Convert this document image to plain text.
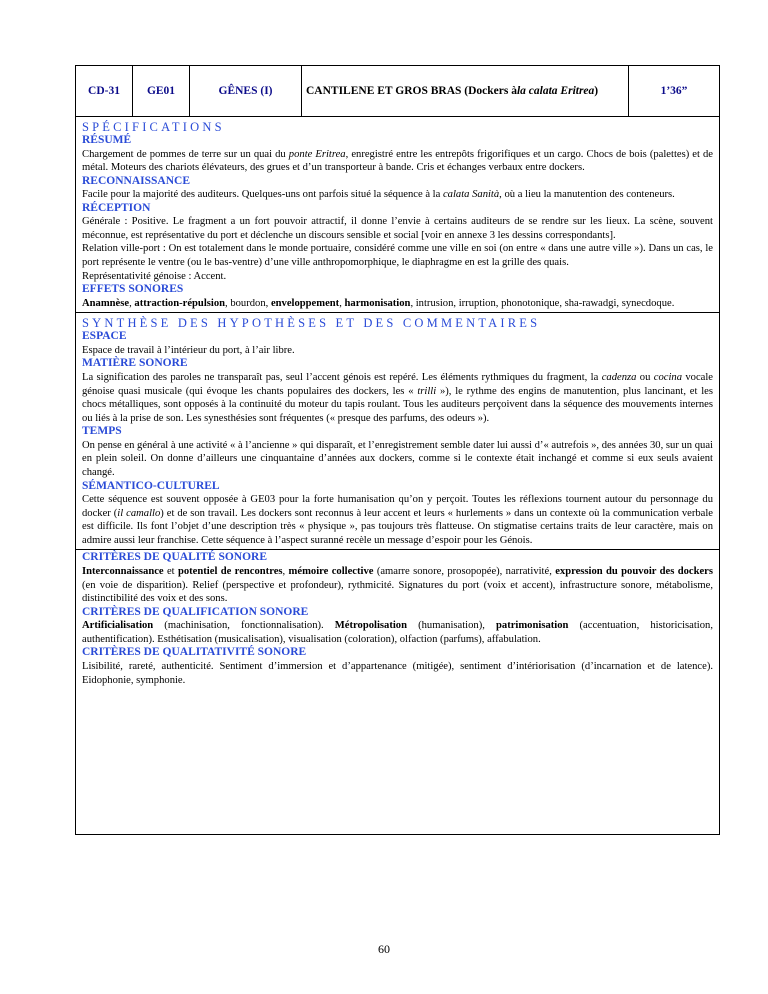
CD-31	GE01	GÊNES (I)	CANTILENE ET GROS BRAS (Dockers à la calata Eritrea )	1’36”
SPÉCIFICATIONS
RÉSUMÉ

Chargement de pommes de terre sur un quai du ponte Eritrea, enregistré entre les entrepôts frigorifiques et un cargo. Chocs de bois (palettes) et de métal. Moteurs des chariots élévateurs, des grues et d’un transporteur à bande. Cris et échanges verbaux entre dockers.

RECONNAISSANCE

Facile pour la majorité des auditeurs. Quelques-uns ont parfois situé la séquence à la calata Sanità, où a lieu la manutention des conteneurs.

RÉCEPTION

Générale : Positive. Le fragment a un fort pouvoir attractif, il donne l’envie à certains auditeurs de se rendre sur les lieux. La scène, souvent méconnue, est représentative du port et déclenche un discours sensible et social [voir en annexe 3 les dessins correspondants].

Relation ville-port : On est totalement dans le monde portuaire, considéré comme une ville en soi (on entre « dans une autre ville »). Dans un cas, le port représente le ventre (ou le bas-ventre) d’une ville anthropomorphique, le diaphragme en est la grille des quais.

Représentativité génoise : Accent.

EFFETS SONORES

Anamnèse, attraction-répulsion, bourdon, enveloppement, harmonisation, intrusion, irruption, phonotonique, sha-rawadgi, synecdoque.

SYNTHÈSE DES HYPOTHÈSES ET DES COMMENTAIRES
ESPACE

Espace de travail à l’intérieur du port, à l’air libre.

MATIÈRE SONORE

La signification des paroles ne transparaît pas, seul l’accent génois est repéré. Les éléments rythmiques du fragment, la cadenza ou cocina vocale génoise quasi musicale (qui évoque les chants populaires des dockers, les « trilli »), le rythme des engins de manutention, plus lancinant, et les chocs métalliques, sont opposés à la continuité du moteur du tapis roulant. Tous les auditeurs perçoivent dans la séquence des mouvements internes ou liés à la prise de son. Les synesthésies sont fréquentes (« presque des parfums, des odeurs »).

TEMPS

On pense en général à une activité « à l’ancienne » qui disparaît, et l’enregistrement semble dater lui aussi d’« autrefois », des années 30, sur un quai en plein soleil. On donne d’ailleurs une cinquantaine d’années aux dockers, comme si le contexte était inchangé et comme si eux seuls avaient changé.

SÉMANTICO-CULTUREL

Cette séquence est souvent opposée à GE03 pour la forte humanisation qu’on y perçoit. Toutes les réflexions tournent autour du personnage du docker (il camallo) et de son travail. Les dockers sont reconnus à leur accent et leurs « hurlements » dans un contexte où la communication verbale est difficile. Ils font l’objet d’une description très « physique », pas toujours très flatteuse. On stigmatise certains traits de leur caractère, mais on admire aussi leur franchise. Cette séquence à l’aspect suranné recèle un message d’espoir pour les Génois.

CRITÈRES DE QUALITÉ SONORE

Interconnaissance et potentiel de rencontres, mémoire collective (amarre sonore, prosopopée), narrativité, expression du pouvoir des dockers (en voie de disparition). Relief (perspective et profondeur), rythmicité. Signatures du port (voix et accent), infrastructure sonore, métabolisme, distinctibilité des voix et des sons.

CRITÈRES DE QUALIFICATION SONORE

Artificialisation (machinisation, fonctionnalisation). Métropolisation (humanisation), patrimonisation (accentuation, historicisation, authentification). Esthétisation (musicalisation), visualisation (coloration), olfaction (parfums), affabulation.

CRITÈRES DE QUALITATIVITÉ SONORE

Lisibilité, rareté, authenticité. Sentiment d’immersion et d’appartenance (mitigée), sentiment d’intériorisation (d’incarnation et de latence). Eidophonie, symphonie.

60
